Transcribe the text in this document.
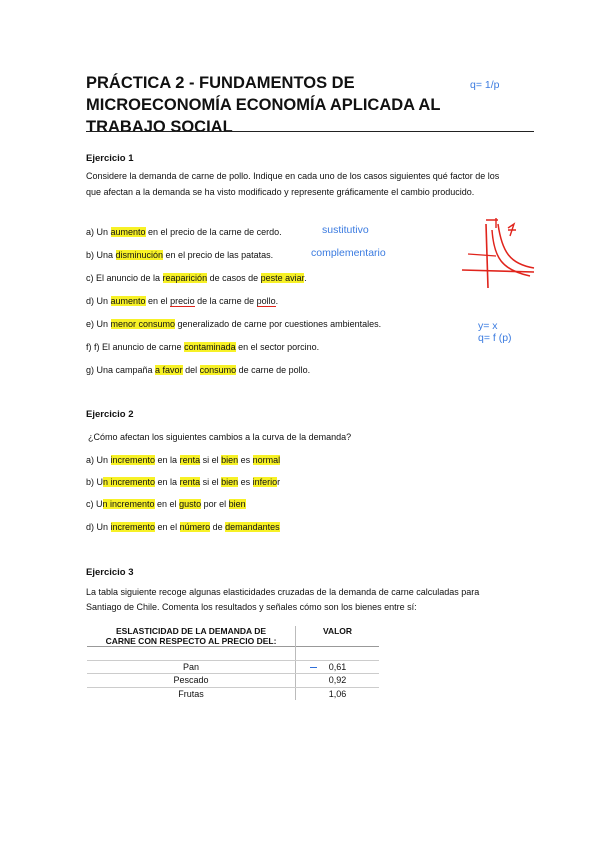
PRÁCTICA 2 - FUNDAMENTOS DE
MICROECONOMÍA ECONOMÍA APLICADA AL
TRABAJO SOCIAL
q= 1/p
sustitutivo
complementario
y= x
q= f (p)
Ejercicio 1
Considere la demanda de carne de pollo. Indique en cada uno de los casos siguientes qué factor de los que afectan a la demanda se ha visto modificado y represente gráficamente el cambio producido.
a) Un aumento en el precio de la carne de cerdo.
b) Una disminución en el precio de las patatas.
c) El anuncio de la reaparición de casos de peste aviar.
d) Un aumento en el precio de la carne de pollo.
e) Un menor consumo generalizado de carne por cuestiones ambientales.
f) f) El anuncio de carne contaminada en el sector porcino.
g) Una campaña a favor del consumo de carne de pollo.
Ejercicio 2
¿Cómo afectan los siguientes cambios a la curva de la demanda?
a) Un incremento en la renta si el bien es normal
b) Un incremento en la renta si el bien es inferior
c) Un incremento en el gusto por el bien
d) Un incremento en el número de demandantes
Ejercicio 3
La tabla siguiente recoge algunas elasticidades cruzadas de la demanda de carne calculadas para Santiago de Chile. Comenta los resultados y señales cómo son los bienes entre sí:
ESLASTICIDAD DE LA DEMANDA DE
CARNE CON RESPECTO AL PRECIO DEL:	VALOR

Pan	0,61
Pescado	0,92
Frutas	1,06
